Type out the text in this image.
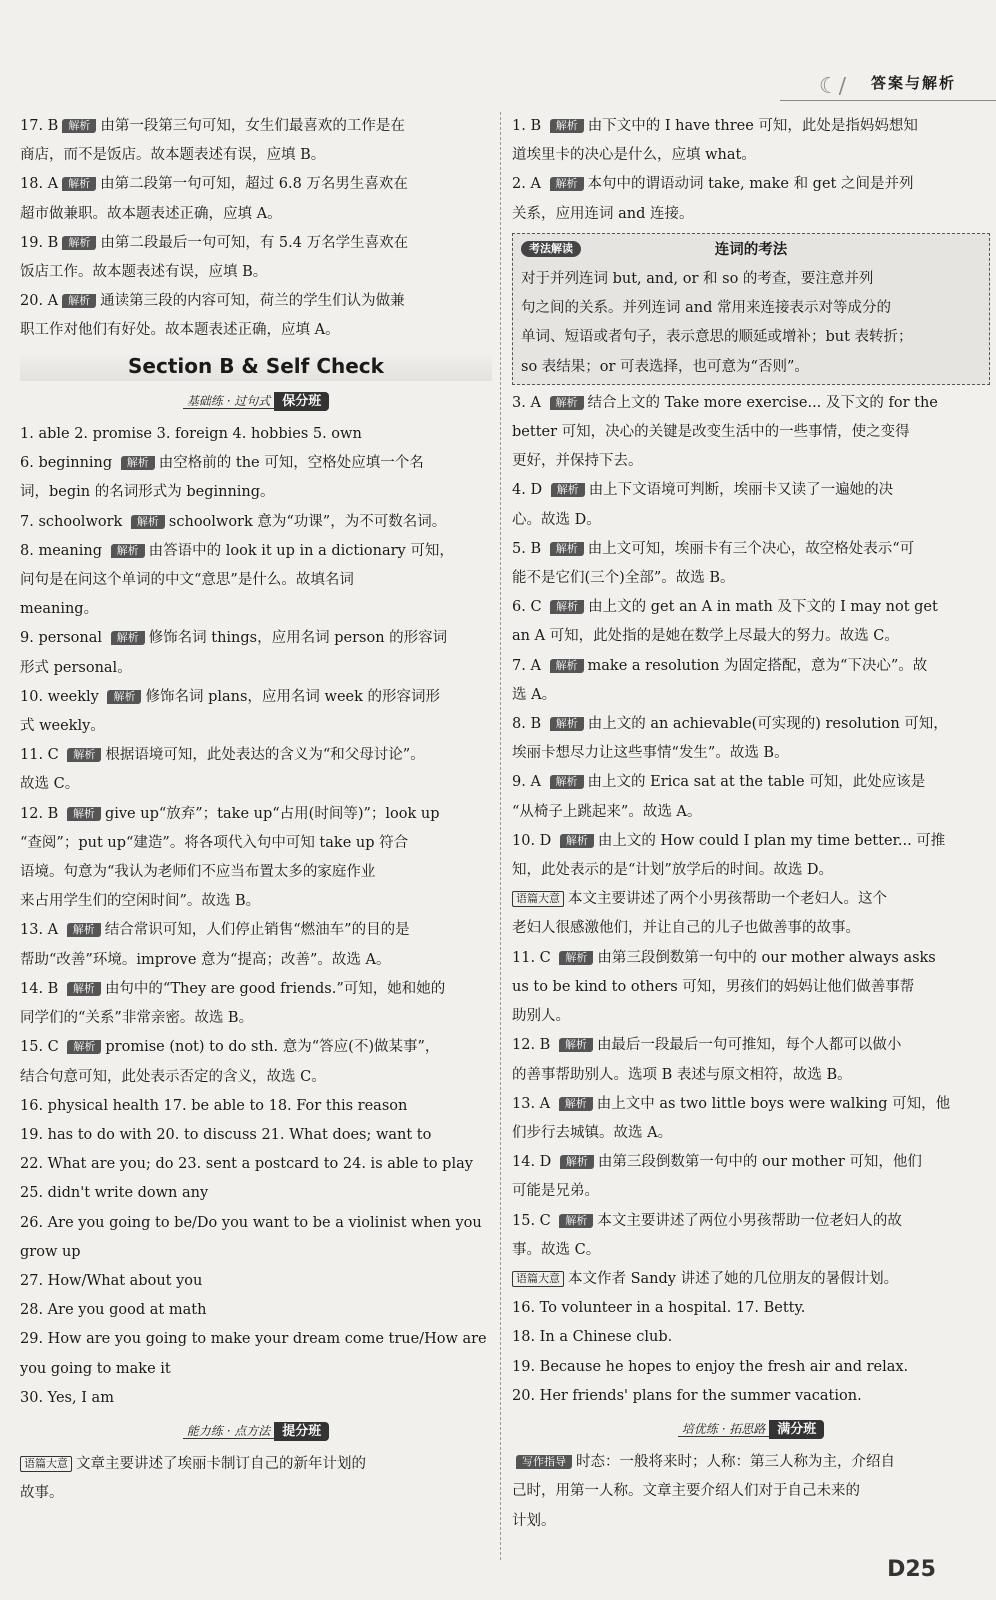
☾∕ 答案与解析
17. B 解析 由第一段第三句可知，女生们最喜欢的工作是在
商店，而不是饭店。故本题表述有误，应填 B。
18. A 解析 由第二段第一句可知，超过 6.8 万名男生喜欢在
超市做兼职。故本题表述正确，应填 A。
19. B 解析 由第二段最后一句可知，有 5.4 万名学生喜欢在
饭店工作。故本题表述有误，应填 B。
20. A 解析 通读第三段的内容可知，荷兰的学生们认为做兼
职工作对他们有好处。故本题表述正确，应填 A。
Section B & Self Check
基础练 · 过句式 保分班
1. able 2. promise 3. foreign 4. hobbies 5. own
6. beginning 解析 由空格前的 the 可知，空格处应填一个名
词，begin 的名词形式为 beginning。
7. schoolwork 解析 schoolwork 意为“功课”，为不可数名词。
8. meaning 解析 由答语中的 look it up in a dictionary 可知，
问句是在问这个单词的中文“意思”是什么。故填名词
meaning。
9. personal 解析 修饰名词 things，应用名词 person 的形容词
形式 personal。
10. weekly 解析 修饰名词 plans，应用名词 week 的形容词形
式 weekly。
11. C 解析 根据语境可知，此处表达的含义为“和父母讨论”。
故选 C。
12. B 解析 give up“放弃”；take up“占用(时间等)”；look up
“查阅”；put up“建造”。将各项代入句中可知 take up 符合
语境。句意为“我认为老师们不应当布置太多的家庭作业
来占用学生们的空闲时间”。故选 B。
13. A 解析 结合常识可知，人们停止销售“燃油车”的目的是
帮助“改善”环境。improve 意为“提高；改善”。故选 A。
14. B 解析 由句中的“They are good friends.”可知，她和她的
同学们的“关系”非常亲密。故选 B。
15. C 解析 promise (not) to do sth. 意为“答应(不)做某事”，
结合句意可知，此处表示否定的含义，故选 C。
16. physical health 17. be able to 18. For this reason
19. has to do with 20. to discuss 21. What does; want to
22. What are you; do 23. sent a postcard to 24. is able to play
25. didn't write down any
26. Are you going to be/Do you want to be a violinist when you
grow up
27. How/What about you
28. Are you good at math
29. How are you going to make your dream come true/How are
you going to make it
30. Yes, I am
能力练 · 点方法 提分班
语篇大意 文章主要讲述了埃丽卡制订自己的新年计划的
故事。
1. B 解析 由下文中的 I have three 可知，此处是指妈妈想知
道埃里卡的决心是什么，应填 what。
2. A 解析 本句中的谓语动词 take, make 和 get 之间是并列
关系，应用连词 and 连接。
考法解读	连词的考法
对于并列连词 but, and, or 和 so 的考查，要注意并列
句之间的关系。并列连词 and 常用来连接表示对等成分的
单词、短语或者句子，表示意思的顺延或增补；but 表转折；
so 表结果；or 可表选择，也可意为“否则”。
3. A 解析 结合上文的 Take more exercise... 及下文的 for the
better 可知，决心的关键是改变生活中的一些事情，使之变得
更好，并保持下去。
4. D 解析 由上下文语境可判断，埃丽卡又读了一遍她的决
心。故选 D。
5. B 解析 由上文可知，埃丽卡有三个决心，故空格处表示“可
能不是它们(三个)全部”。故选 B。
6. C 解析 由上文的 get an A in math 及下文的 I may not get
an A 可知，此处指的是她在数学上尽最大的努力。故选 C。
7. A 解析 make a resolution 为固定搭配，意为“下决心”。故
选 A。
8. B 解析 由上文的 an achievable(可实现的) resolution 可知，
埃丽卡想尽力让这些事情“发生”。故选 B。
9. A 解析 由上文的 Erica sat at the table 可知，此处应该是
“从椅子上跳起来”。故选 A。
10. D 解析 由上文的 How could I plan my time better... 可推
知，此处表示的是“计划”放学后的时间。故选 D。
语篇大意 本文主要讲述了两个小男孩帮助一个老妇人。这个
老妇人很感激他们，并让自己的儿子也做善事的故事。
11. C 解析 由第三段倒数第一句中的 our mother always asks
us to be kind to others 可知，男孩们的妈妈让他们做善事帮
助别人。
12. B 解析 由最后一段最后一句可推知，每个人都可以做小
的善事帮助别人。选项 B 表述与原文相符，故选 B。
13. A 解析 由上文中 as two little boys were walking 可知，他
们步行去城镇。故选 A。
14. D 解析 由第三段倒数第一句中的 our mother 可知，他们
可能是兄弟。
15. C 解析 本文主要讲述了两位小男孩帮助一位老妇人的故
事。故选 C。
语篇大意 本文作者 Sandy 讲述了她的几位朋友的暑假计划。
16. To volunteer in a hospital. 17. Betty.
18. In a Chinese club.
19. Because he hopes to enjoy the fresh air and relax.
20. Her friends' plans for the summer vacation.
培优练 · 拓思路 满分班
写作指导 时态：一般将来时；人称：第三人称为主，介绍自
己时，用第一人称。文章主要介绍人们对于自己未来的
计划。
D25
